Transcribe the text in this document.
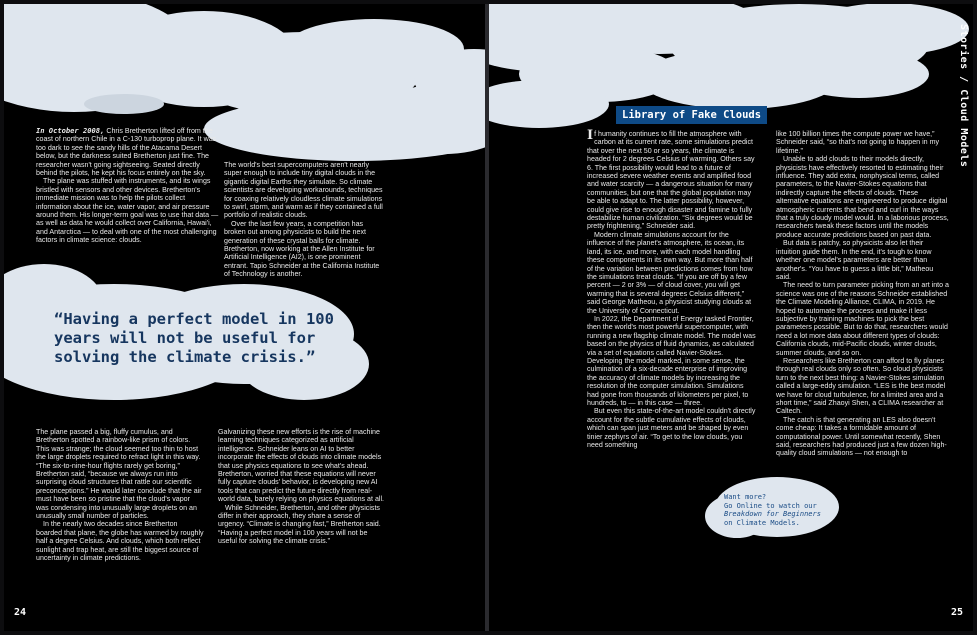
In October 2008, Chris Bretherton lifted off from the coast of northern Chile in a C-130 turboprop plane. It was too dark to see the sandy hills of the Atacama Desert below, but the darkness suited Bretherton just fine. The researcher wasn't going sightseeing. Seated directly behind the pilots, he kept his focus entirely on the sky.

The plane was stuffed with instruments, and its wings bristled with sensors and other devices. Bretherton's immediate mission was to help the pilots collect information about the ice, water vapor, and air pressure around them. His longer-term goal was to use that data — as well as data he would collect over California, Hawai'i, and Antarctica — to deal with one of the most challenging factors in climate science: clouds.

The world's best supercomputers aren't nearly super enough to include tiny digital clouds in the gigantic digital Earths they simulate. So climate scientists are developing workarounds, techniques for coaxing relatively cloudless climate simulations to swirl, storm, and warm as if they contained a full portfolio of realistic clouds.

Over the last few years, a competition has broken out among physicists to build the next generation of these crystal balls for climate. Bretherton, now working at the Allen Institute for Artificial Intelligence (AI2), is one prominent entrant. Tapio Schneider at the California Institute of Technology is another.

“Having a perfect model in 100 years will not be useful for solving the climate crisis.”

The plane passed a big, fluffy cumulus, and Bretherton spotted a rainbow-like prism of colors. This was strange; the cloud seemed too thin to host the large droplets required to refract light in this way. “The six-to-nine-hour flights rarely get boring,” Bretherton said, “because we always run into surprising cloud structures that rattle our scientific preconceptions.” He would later conclude that the air must have been so pristine that the cloud's vapor was condensing into unusually large droplets on an unusually small number of particles.

In the nearly two decades since Bretherton boarded that plane, the globe has warmed by roughly half a degree Celsius. And clouds, which both reflect sunlight and trap heat, are still the biggest source of uncertainty in climate predictions.

Galvanizing these new efforts is the rise of machine learning techniques categorized as artificial intelligence. Schneider leans on AI to better incorporate the effects of clouds into climate models that use physics equations to see what's ahead. Bretherton, worried that these equations will never fully capture clouds' behavior, is developing new AI tools that can predict the future directly from real-world data, barely relying on physics equations at all.

While Schneider, Bretherton, and other physicists differ in their approach, they share a sense of urgency. “Climate is changing fast,” Bretherton said. “Having a perfect model in 100 years will not be useful for solving the climate crisis.”

24
Stories / Cloud Models
Library of Fake Clouds

If humanity continues to fill the atmosphere with carbon at its current rate, some simulations predict that over the next 50 or so years, the climate is headed for 2 degrees Celsius of warming. Others say 6. The first possibility would lead to a future of increased severe weather events and amplified food and water scarcity — a dangerous situation for many communities, but one that the global population may be able to adapt to. The latter possibility, however, could give rise to enough disaster and famine to fully destabilize human civilization. “Six degrees would be pretty frightening,” Schneider said.

Modern climate simulations account for the influence of the planet's atmosphere, its ocean, its land, its ice, and more, with each model handling these components in its own way. But more than half of the variation between predictions comes from how the simulations treat clouds. “If you are off by a few percent — 2 or 3% — of cloud cover, you will get warming that is several degrees Celsius different,” said George Matheou, a physicist studying clouds at the University of Connecticut.

In 2022, the Department of Energy tasked Frontier, then the world's most powerful supercomputer, with running a new flagship climate model. The model was based on the physics of fluid dynamics, as calculated via a set of equations called Navier-Stokes. Developing the model marked, in some sense, the culmination of a six-decade enterprise of improving the accuracy of climate models by increasing the resolution of the computer simulation. Simulations had gone from thousands of kilometers per pixel, to hundreds, to — in this case — three.

But even this state-of-the-art model couldn't directly account for the subtle cumulative effects of clouds, which can span just meters and be shaped by even tinier zephyrs of air. “To get to the low clouds, you need something

like 100 billion times the compute power we have,” Schneider said, “so that's not going to happen in my lifetime.”

Unable to add clouds to their models directly, physicists have effectively resorted to estimating their influence. They add extra, nonphysical terms, called parameters, to the Navier-Stokes equations that indirectly capture the effects of clouds. These alternative equations are engineered to produce digital atmospheric currents that bend and curl in the ways that a truly cloudy model would. In a laborious process, researchers tweak these factors until the models produce accurate predictions based on past data.

But data is patchy, so physicists also let their intuition guide them. In the end, it's tough to know whether one model's parameters are better than another's. “You have to guess a little bit,” Matheou said.

The need to turn parameter picking from an art into a science was one of the reasons Schneider established the Climate Modeling Alliance, CLIMA, in 2019. He hoped to automate the process and make it less subjective by training machines to pick the best parameters possible. But to do that, researchers would need a lot more data about different types of clouds: California clouds, mid-Pacific clouds, winter clouds, summer clouds, and so on.

Researchers like Bretherton can afford to fly planes through real clouds only so often. So cloud physicists turn to the next best thing: a Navier-Stokes simulation called a large-eddy simulation. “LES is the best model we have for cloud turbulence, for a limited area and a short time,” said Zhaoyi Shen, a CLIMA researcher at Caltech.

The catch is that generating an LES also doesn't come cheap: It takes a formidable amount of computational power. Until somewhat recently, Shen said, researchers had produced just a few dozen high-quality cloud simulations — not enough to

Want more?
Go Online to watch our
Breakdown for Beginners
on Climate Models.
25
